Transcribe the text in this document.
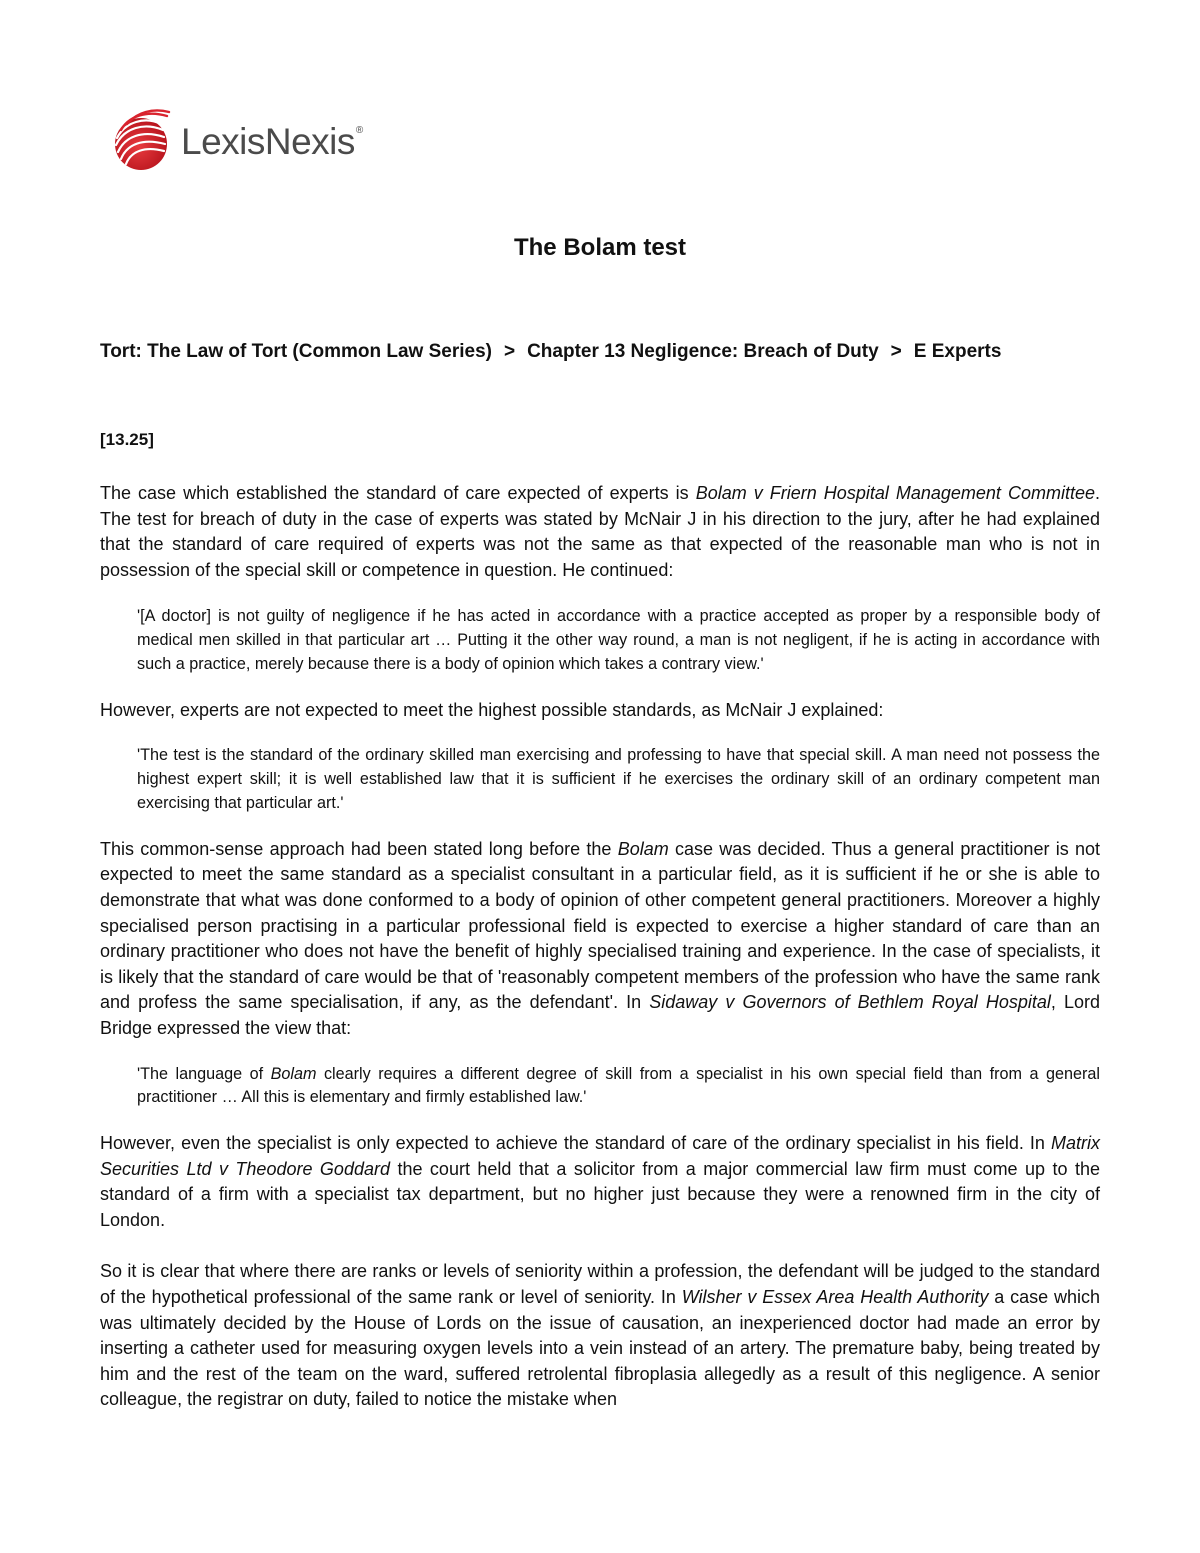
LexisNexis®
The Bolam test
Tort: The Law of Tort (Common Law Series) > Chapter 13 Negligence: Breach of Duty > E Experts
[13.25]

The case which established the standard of care expected of experts is Bolam v Friern Hospital Management Committee. The test for breach of duty in the case of experts was stated by McNair J in his direction to the jury, after he had explained that the standard of care required of experts was not the same as that expected of the reasonable man who is not in possession of the special skill or competence in question. He continued:

'[A doctor] is not guilty of negligence if he has acted in accordance with a practice accepted as proper by a responsible body of medical men skilled in that particular art … Putting it the other way round, a man is not negligent, if he is acting in accordance with such a practice, merely because there is a body of opinion which takes a contrary view.'

However, experts are not expected to meet the highest possible standards, as McNair J explained:

'The test is the standard of the ordinary skilled man exercising and professing to have that special skill. A man need not possess the highest expert skill; it is well established law that it is sufficient if he exercises the ordinary skill of an ordinary competent man exercising that particular art.'

This common-sense approach had been stated long before the Bolam case was decided. Thus a general practitioner is not expected to meet the same standard as a specialist consultant in a particular field, as it is sufficient if he or she is able to demonstrate that what was done conformed to a body of opinion of other competent general practitioners. Moreover a highly specialised person practising in a particular professional field is expected to exercise a higher standard of care than an ordinary practitioner who does not have the benefit of highly specialised training and experience. In the case of specialists, it is likely that the standard of care would be that of 'reasonably competent members of the profession who have the same rank and profess the same specialisation, if any, as the defendant'. In Sidaway v Governors of Bethlem Royal Hospital, Lord Bridge expressed the view that:

'The language of Bolam clearly requires a different degree of skill from a specialist in his own special field than from a general practitioner … All this is elementary and firmly established law.'

However, even the specialist is only expected to achieve the standard of care of the ordinary specialist in his field. In Matrix Securities Ltd v Theodore Goddard the court held that a solicitor from a major commercial law firm must come up to the standard of a firm with a specialist tax department, but no higher just because they were a renowned firm in the city of London.

So it is clear that where there are ranks or levels of seniority within a profession, the defendant will be judged to the standard of the hypothetical professional of the same rank or level of seniority. In Wilsher v Essex Area Health Authority a case which was ultimately decided by the House of Lords on the issue of causation, an inexperienced doctor had made an error by inserting a catheter used for measuring oxygen levels into a vein instead of an artery. The premature baby, being treated by him and the rest of the team on the ward, suffered retrolental fibroplasia allegedly as a result of this negligence. A senior colleague, the registrar on duty, failed to notice the mistake when
